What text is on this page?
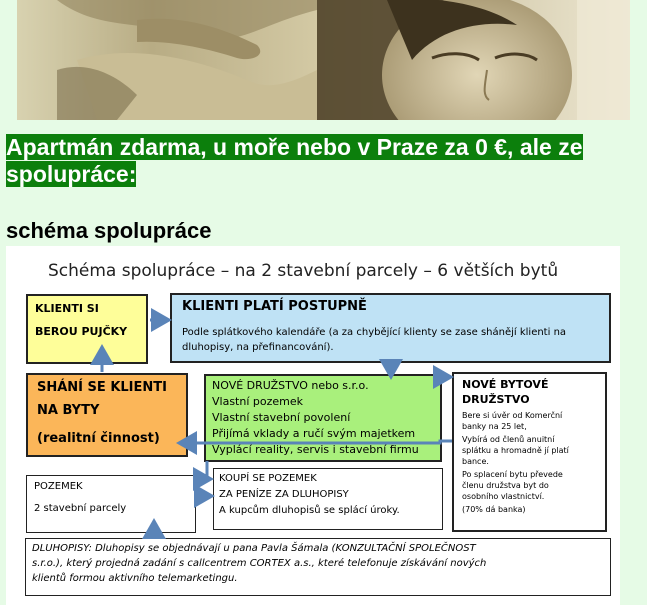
Apartmán zdarma, u moře nebo v Praze za 0 €, ale ze spolupráce:
schéma spolupráce
Schéma spolupráce – na 2 stavební parcely – 6 větších bytů
KLIENTI SI
BEROU PUJČKY
KLIENTI PLATÍ POSTUPNĚ
Podle splátkového kalendáře (a za chybějící klienty se zase shánějí klienti na
dluhopisy, na přefinancování).
SHÁNÍ SE KLIENTI
NA BYTY
(realitní činnost)
NOVÉ DRUŽSTVO nebo s.r.o.
Vlastní pozemek
Vlastní stavební povolení
Přijímá vklady a ručí svým majetkem
Vyplácí reality, servis i stavební firmu
NOVÉ BYTOVÉ
DRUŽSTVO
Bere si úvěr od Komerční
banky na 25 let,
Vybírá od členů anuitní
splátku a hromadně jí platí
bance.
Po splacení bytu převede
členu družstva byt do
osobního vlastnictví.
(70% dá banka)
POZEMEK
2 stavební parcely
KOUPÍ SE POZEMEK
ZA PENÍZE ZA DLUHOPISY
A kupcům dluhopisů se splácí úroky.
DLUHOPISY: Dluhopisy se objednávají u pana Pavla Šámala (KONZULTAČNÍ SPOLEČNOST
s.r.o.), který projedná zadání s callcentrem CORTEX a.s., které telefonuje získávání nových
klientů formou aktivního telemarketingu.
